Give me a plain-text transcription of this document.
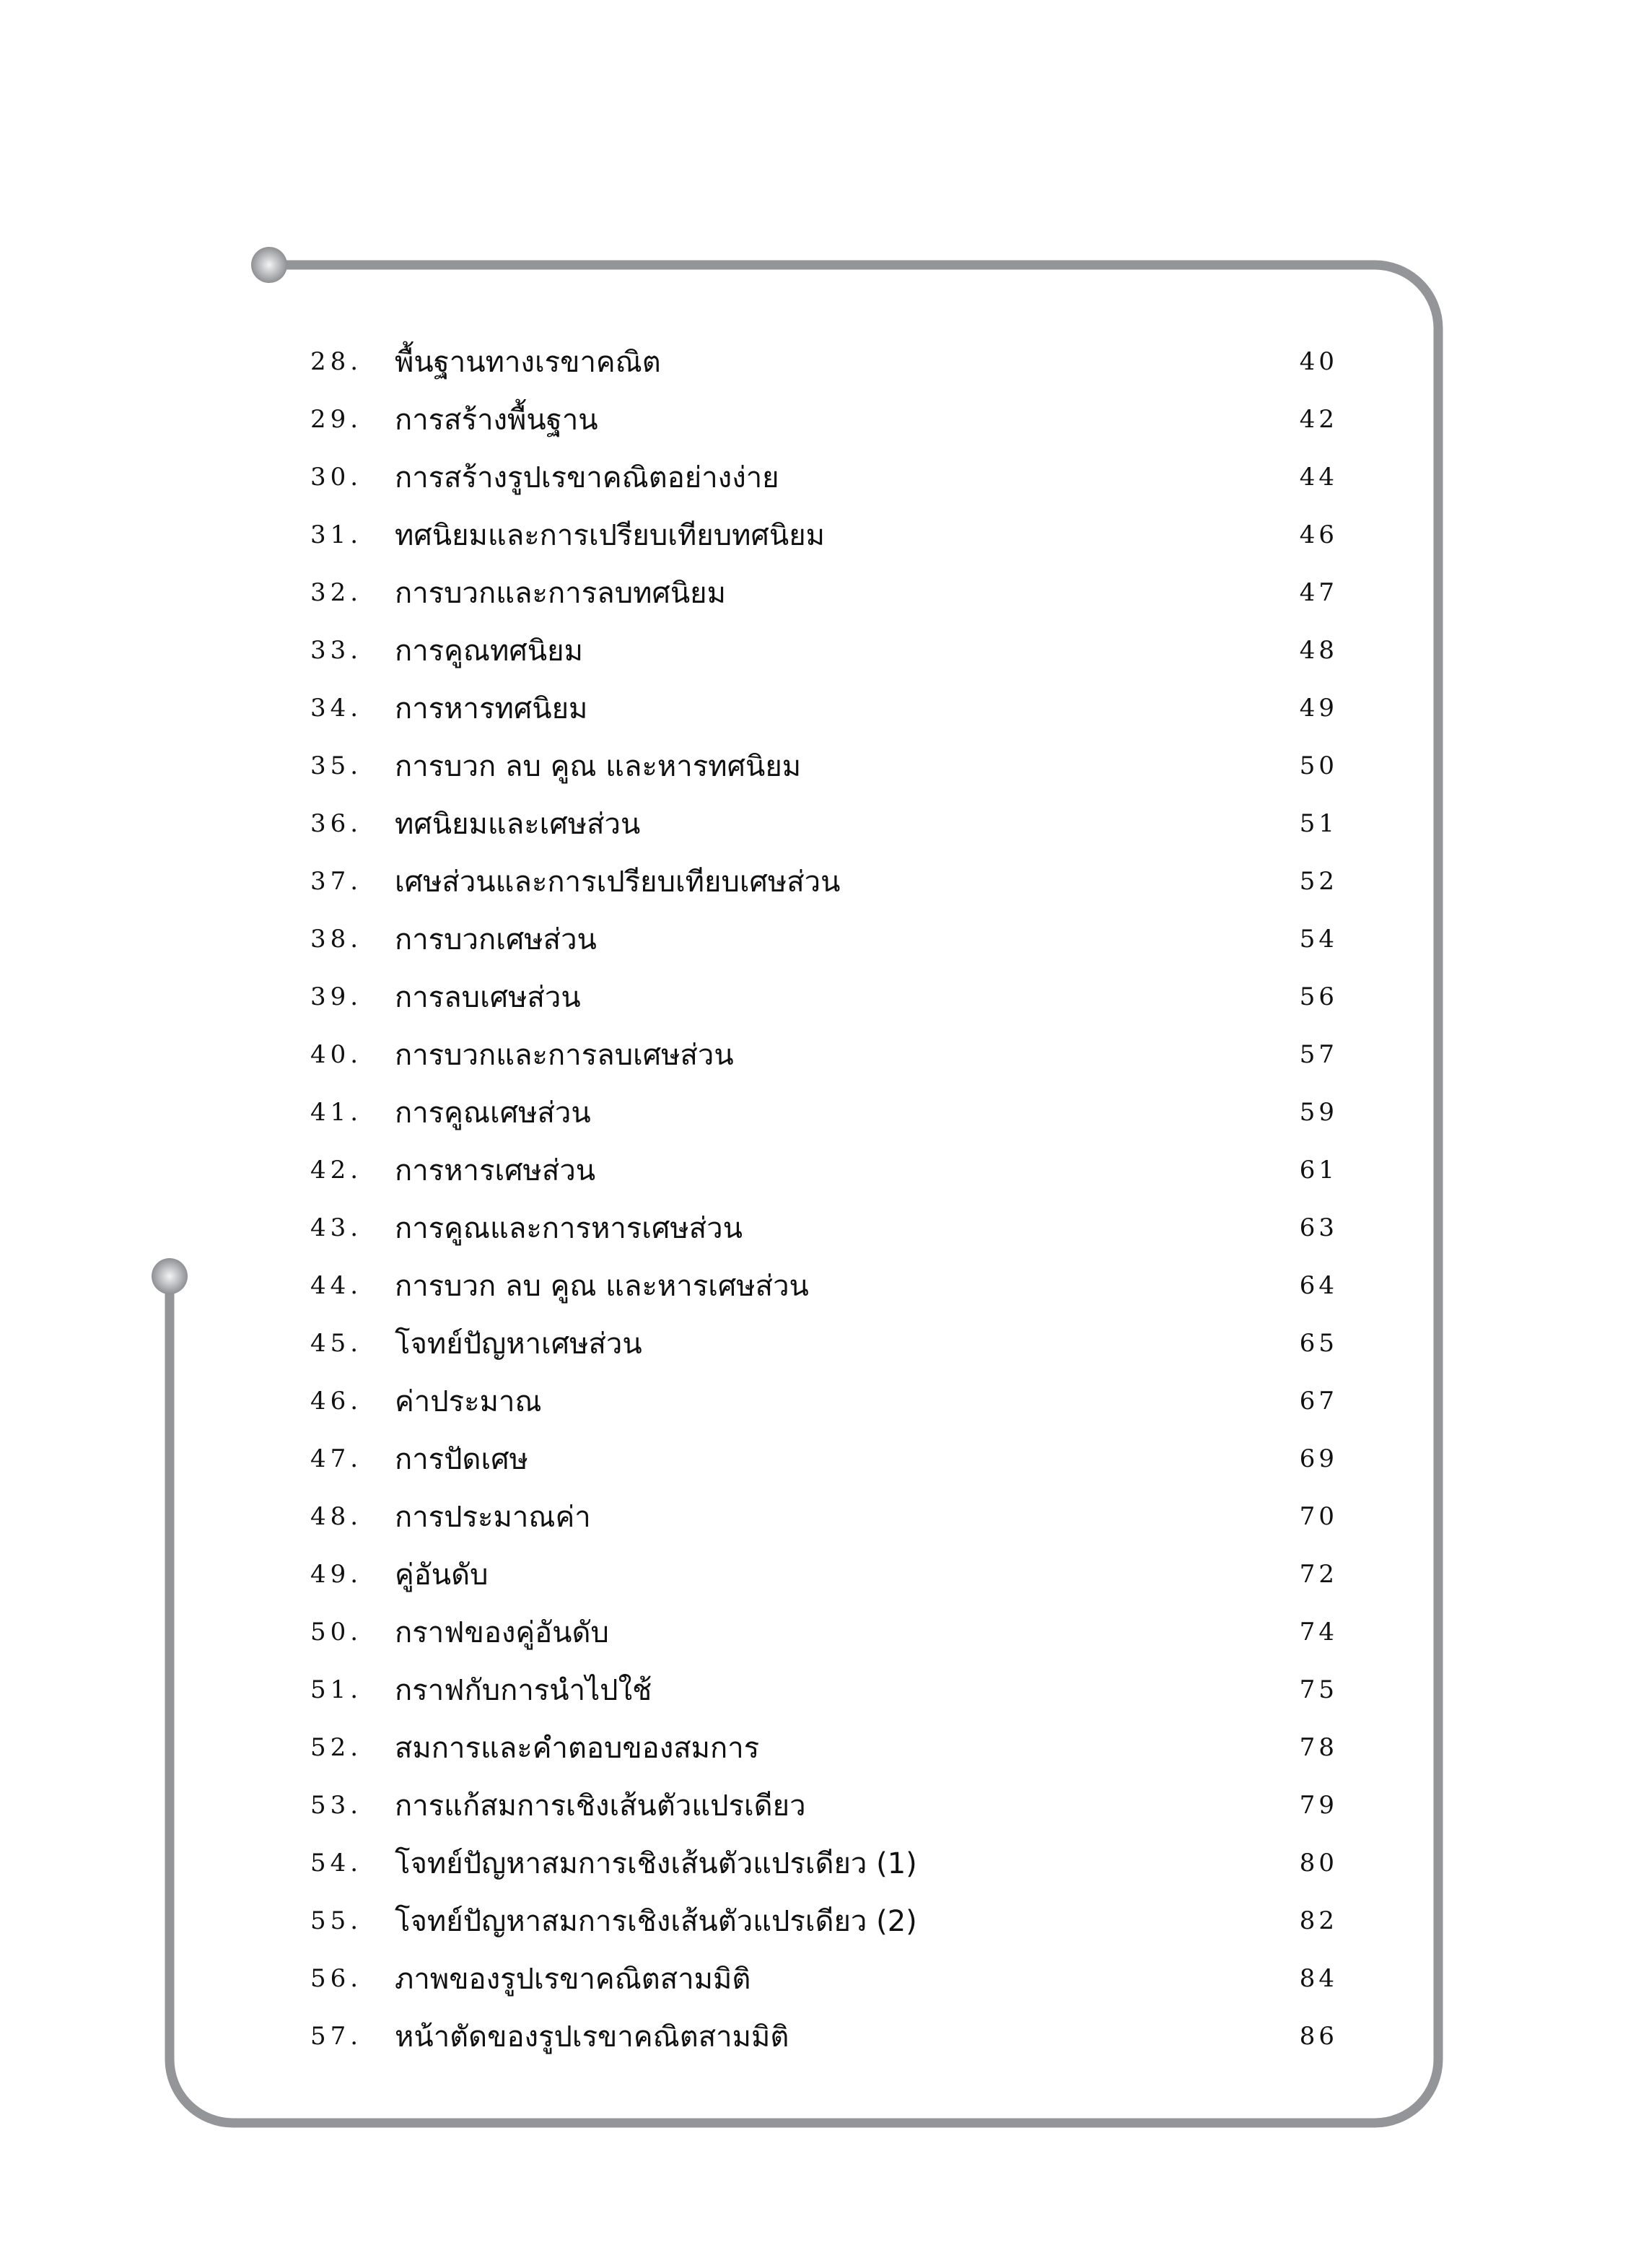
28. พื้นฐานทางเรขาคณิต	40
29. การสร้างพื้นฐาน	42
30. การสร้างรูปเรขาคณิตอย่างง่าย	44
31. ทศนิยมและการเปรียบเทียบทศนิยม	46
32. การบวกและการลบทศนิยม	47
33. การคูณทศนิยม	48
34. การหารทศนิยม	49
35. การบวก ลบ คูณ และหารทศนิยม	50
36. ทศนิยมและเศษส่วน	51
37. เศษส่วนและการเปรียบเทียบเศษส่วน	52
38. การบวกเศษส่วน	54
39. การลบเศษส่วน	56
40. การบวกและการลบเศษส่วน	57
41. การคูณเศษส่วน	59
42. การหารเศษส่วน	61
43. การคูณและการหารเศษส่วน	63
44. การบวก ลบ คูณ และหารเศษส่วน	64
45. โจทย์ปัญหาเศษส่วน	65
46. ค่าประมาณ	67
47. การปัดเศษ	69
48. การประมาณค่า	70
49. คู่อันดับ	72
50. กราฟของคู่อันดับ	74
51. กราฟกับการนำไปใช้	75
52. สมการและคำตอบของสมการ	78
53. การแก้สมการเชิงเส้นตัวแปรเดียว	79
54. โจทย์ปัญหาสมการเชิงเส้นตัวแปรเดียว (1)	80
55. โจทย์ปัญหาสมการเชิงเส้นตัวแปรเดียว (2)	82
56. ภาพของรูปเรขาคณิตสามมิติ	84
57. หน้าตัดของรูปเรขาคณิตสามมิติ	86
